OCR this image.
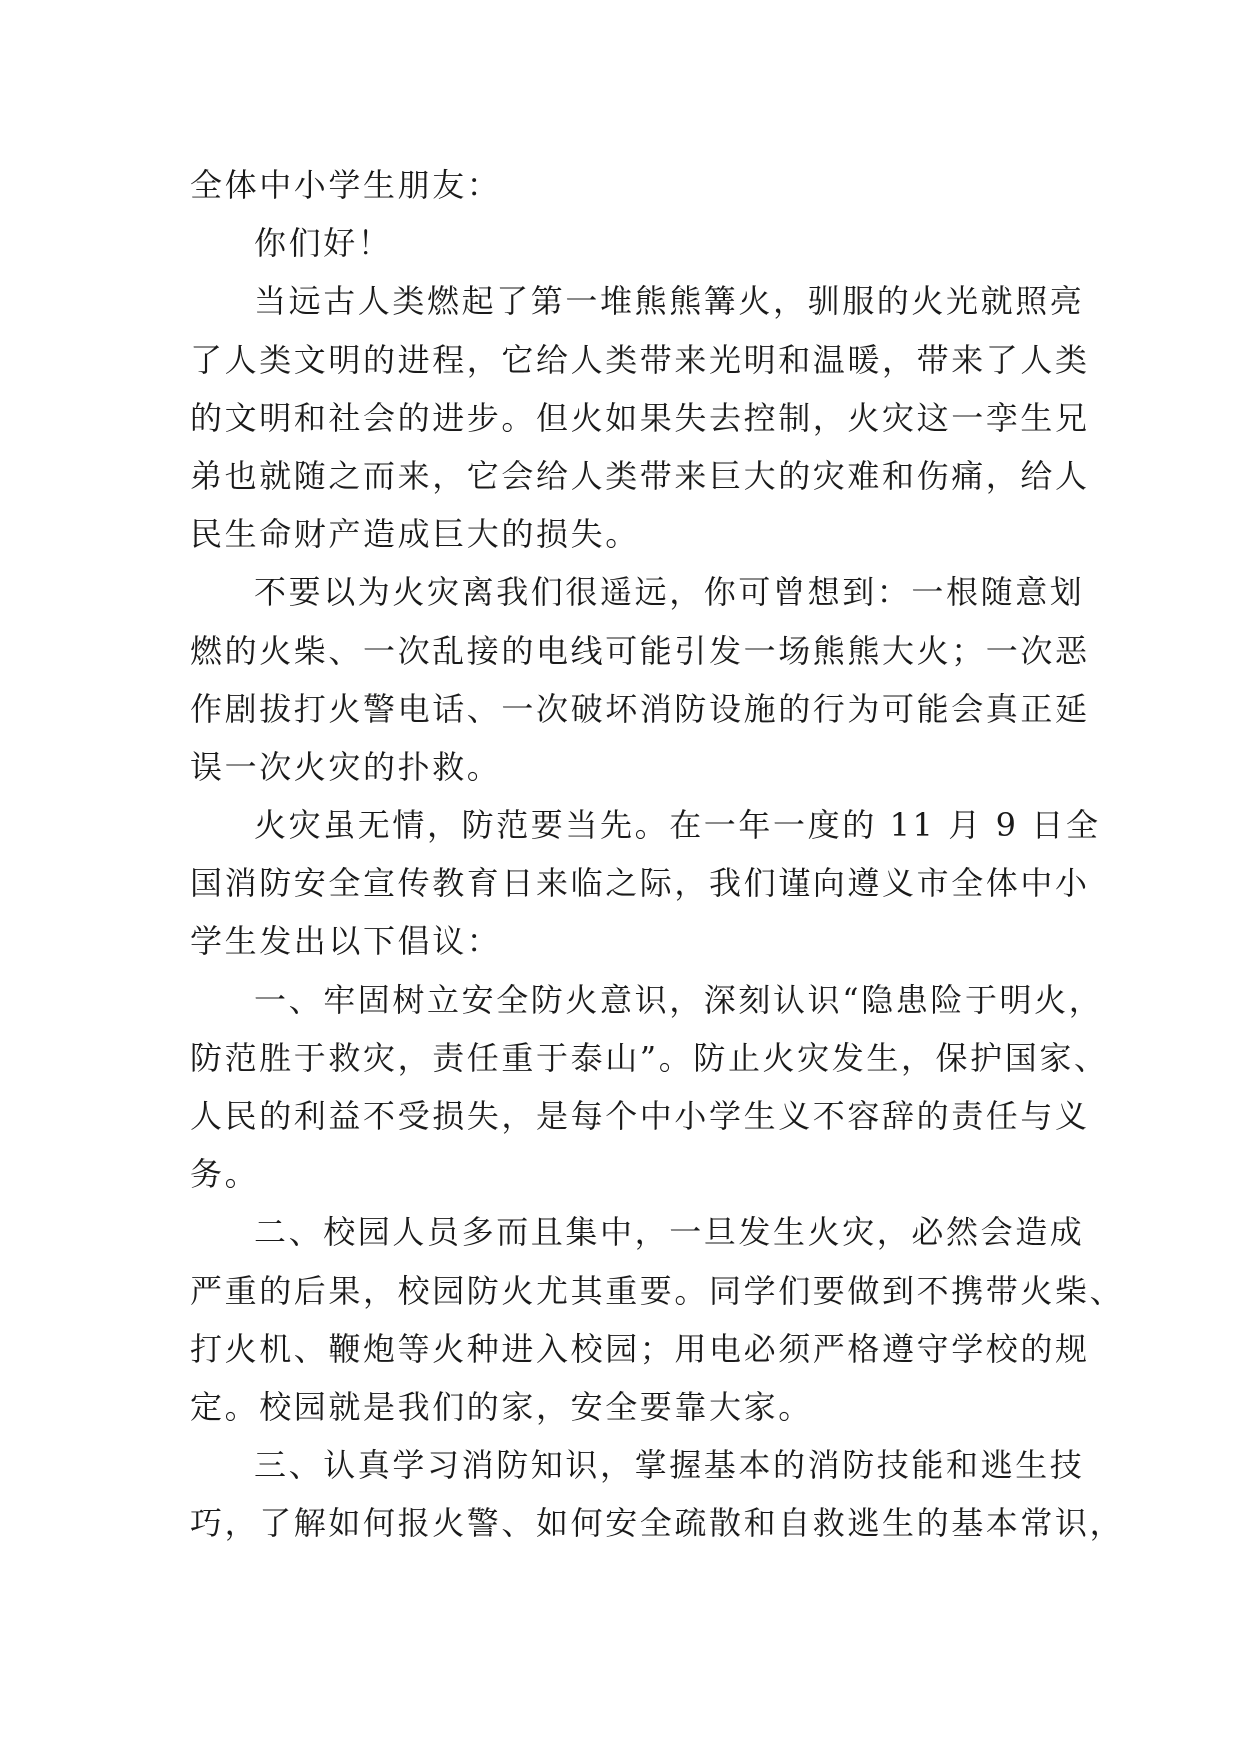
全体中小学生朋友：
你们好！
当远古人类燃起了第一堆熊熊篝火，驯服的火光就照亮
了人类文明的进程，它给人类带来光明和温暖，带来了人类
的文明和社会的进步。但火如果失去控制，火灾这一孪生兄
弟也就随之而来，它会给人类带来巨大的灾难和伤痛，给人
民生命财产造成巨大的损失。
不要以为火灾离我们很遥远，你可曾想到：一根随意划
燃的火柴、一次乱接的电线可能引发一场熊熊大火；一次恶
作剧拔打火警电话、一次破坏消防设施的行为可能会真正延
误一次火灾的扑救。
火灾虽无情，防范要当先。在一年一度的 11 月 9 日全
国消防安全宣传教育日来临之际，我们谨向遵义市全体中小
学生发出以下倡议：
一、牢固树立安全防火意识，深刻认识“隐患险于明火，
防范胜于救灾，责任重于泰山”。防止火灾发生，保护国家、
人民的利益不受损失，是每个中小学生义不容辞的责任与义
务。
二、校园人员多而且集中，一旦发生火灾，必然会造成
严重的后果，校园防火尤其重要。同学们要做到不携带火柴、
打火机、鞭炮等火种进入校园；用电必须严格遵守学校的规
定。校园就是我们的家，安全要靠大家。
三、认真学习消防知识，掌握基本的消防技能和逃生技
巧，了解如何报火警、如何安全疏散和自救逃生的基本常识，
